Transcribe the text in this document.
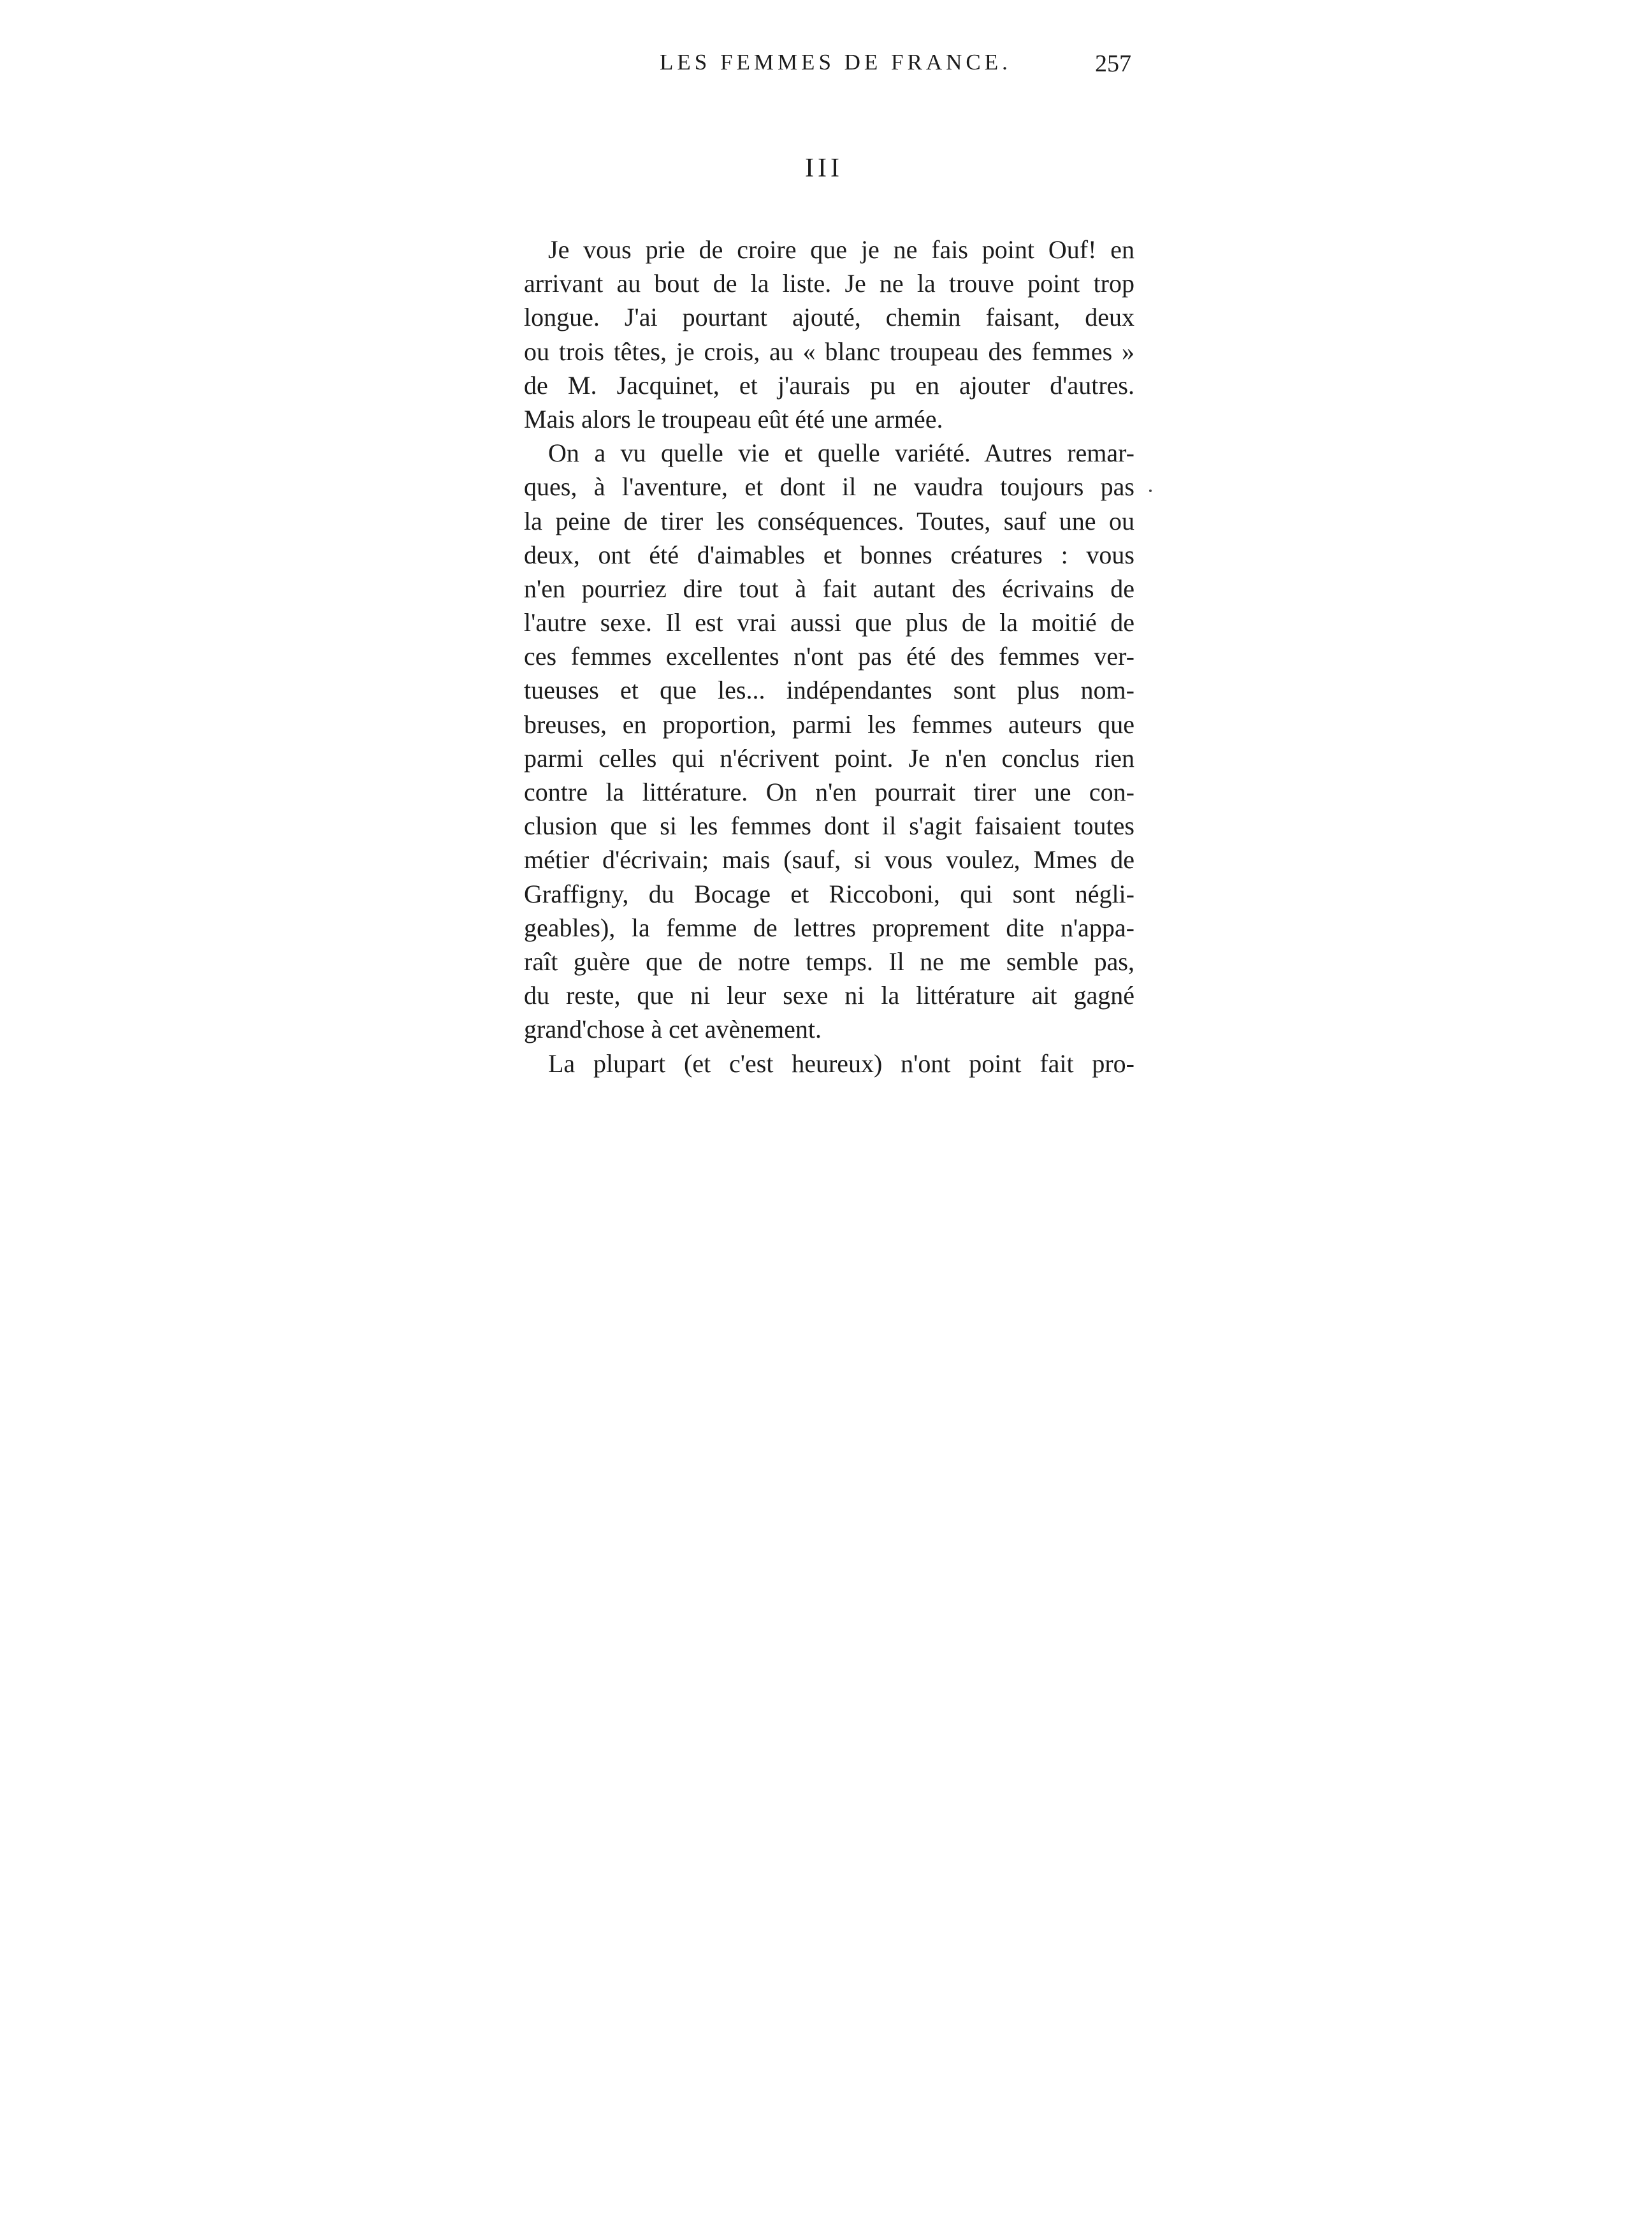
LES FEMMES DE FRANCE.	257
III
Je vous prie de croire que je ne fais point Ouf! en
arrivant au bout de la liste. Je ne la trouve point trop
longue. J'ai pourtant ajouté, chemin faisant, deux
ou trois têtes, je crois, au « blanc troupeau des femmes »
de M. Jacquinet, et j'aurais pu en ajouter d'autres.
Mais alors le troupeau eût été une armée.
On a vu quelle vie et quelle variété. Autres remar-
ques, à l'aventure, et dont il ne vaudra toujours pas
la peine de tirer les conséquences. Toutes, sauf une ou
deux, ont été d'aimables et bonnes créatures : vous
n'en pourriez dire tout à fait autant des écrivains de
l'autre sexe. Il est vrai aussi que plus de la moitié de
ces femmes excellentes n'ont pas été des femmes ver-
tueuses et que les... indépendantes sont plus nom-
breuses, en proportion, parmi les femmes auteurs que
parmi celles qui n'écrivent point. Je n'en conclus rien
contre la littérature. On n'en pourrait tirer une con-
clusion que si les femmes dont il s'agit faisaient toutes
métier d'écrivain; mais (sauf, si vous voulez, Mmes de
Graffigny, du Bocage et Riccoboni, qui sont négli-
geables), la femme de lettres proprement dite n'appa-
raît guère que de notre temps. Il ne me semble pas,
du reste, que ni leur sexe ni la littérature ait gagné
grand'chose à cet avènement.
La plupart (et c'est heureux) n'ont point fait pro-
